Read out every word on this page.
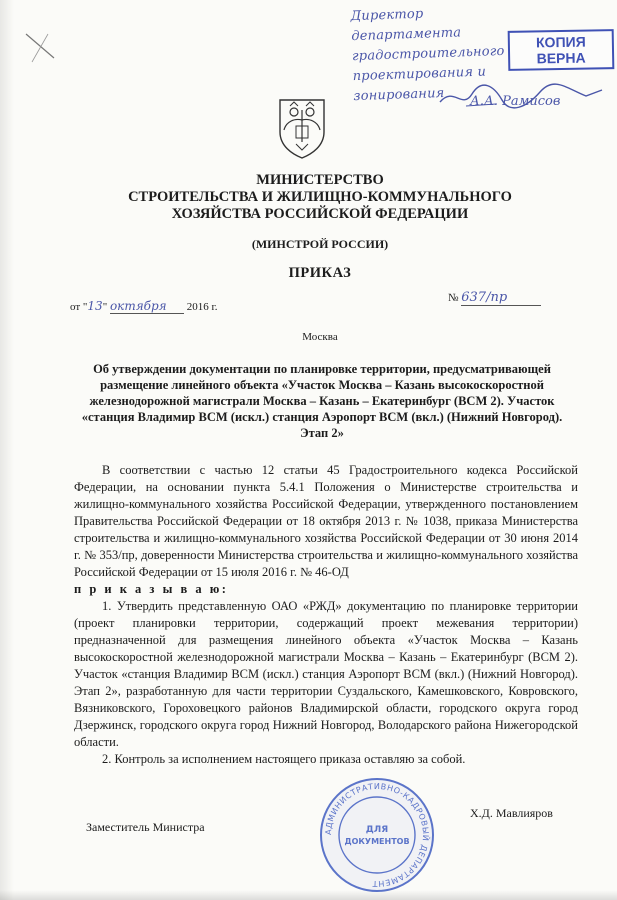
Директор департамента
градостроительного
проектирования и
зонирования	А.А. Рамисов
КОПИЯ
ВЕРНА
МИНИСТЕРСТВО
СТРОИТЕЛЬСТВА И ЖИЛИЩНО-КОММУНАЛЬНОГО
ХОЗЯЙСТВА РОССИЙСКОЙ ФЕДЕРАЦИИ
(МИНСТРОЙ РОССИИ)
ПРИКАЗ
от "13" октября 2016 г.
№ 637/пр
Москва
Об утверждении документации по планировке территории, предусматривающей размещение линейного объекта «Участок Москва – Казань высокоскоростной железнодорожной магистрали Москва – Казань – Екатеринбург (ВСМ 2). Участок «станция Владимир ВСМ (искл.) станция Аэропорт ВСМ (вкл.) (Нижний Новгород). Этап 2»

В соответствии с частью 12 статьи 45 Градостроительного кодекса Российской Федерации, на основании пункта 5.4.1 Положения о Министерстве строительства и жилищно-коммунального хозяйства Российской Федерации, утвержденного постановлением Правительства Российской Федерации от 18 октября 2013 г. № 1038, приказа Министерства строительства и жилищно-коммунального хозяйства Российской Федерации от 30 июня 2014 г. № 353/пр, доверенности Министерства строительства и жилищно-коммунального хозяйства Российской Федерации от 15 июля 2016 г. № 46-ОД

п р и к а з ы в а ю:

1. Утвердить представленную ОАО «РЖД» документацию по планировке территории (проект планировки территории, содержащий проект межевания территории) предназначенной для размещения линейного объекта «Участок Москва – Казань высокоскоростной железнодорожной магистрали Москва – Казань – Екатеринбург (ВСМ 2). Участок «станция Владимир ВСМ (искл.) станция Аэропорт ВСМ (вкл.) (Нижний Новгород). Этап 2», разработанную для части территории Суздальского, Камешковского, Ковровского, Вязниковского, Гороховецкого районов Владимирской области, городского округа город Дзержинск, городского округа город Нижний Новгород, Володарского района Нижегородской области.

2. Контроль за исполнением настоящего приказа оставляю за собой.

Заместитель Министра
Х.Д. Мавлияров
АДМИНИСТРАТИВНО-КАДРОВЫЙ ДЕПАРТАМЕНТ
ДЛЯ
ДОКУМЕНТОВ
